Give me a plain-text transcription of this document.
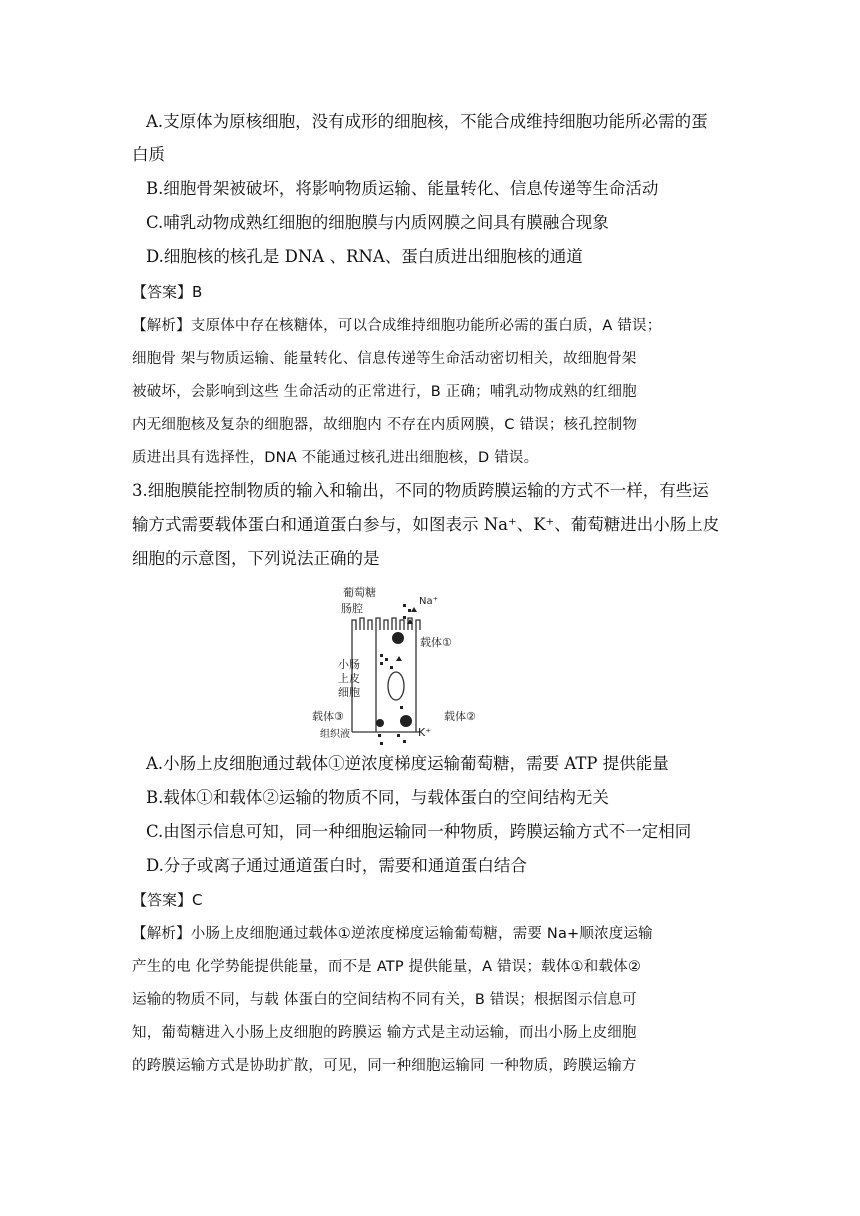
A.支原体为原核细胞，没有成形的细胞核，不能合成维持细胞功能所必需的蛋
白质
B.细胞骨架被破坏，将影响物质运输、能量转化、信息传递等生命活动
C.哺乳动物成熟红细胞的细胞膜与内质网膜之间具有膜融合现象
D.细胞核的核孔是 DNA 、RNA、蛋白质进出细胞核的通道
【答案】B
【解析】支原体中存在核糖体，可以合成维持细胞功能所必需的蛋白质，A 错误；
细胞骨 架与物质运输、能量转化、信息传递等生命活动密切相关，故细胞骨架
被破坏，会影响到这些 生命活动的正常进行，B 正确；哺乳动物成熟的红细胞
内无细胞核及复杂的细胞器，故细胞内 不存在内质网膜，C 错误；核孔控制物
质进出具有选择性，DNA 不能通过核孔进出细胞核，D 错误。
3.细胞膜能控制物质的输入和输出，不同的物质跨膜运输的方式不一样，有些运
输方式需要载体蛋白和通道蛋白参与，如图表示 Na⁺、K⁺、葡萄糖进出小肠上皮
细胞的示意图，下列说法正确的是
葡萄糖
肠腔
Na⁺
载体①
小肠
上皮
细胞
载体③	载体②
组织液	K⁺
A.小肠上皮细胞通过载体①逆浓度梯度运输葡萄糖，需要 ATP 提供能量
B.载体①和载体②运输的物质不同，与载体蛋白的空间结构无关
C.由图示信息可知，同一种细胞运输同一种物质，跨膜运输方式不一定相同
D.分子或离子通过通道蛋白时，需要和通道蛋白结合
【答案】C
【解析】小肠上皮细胞通过载体①逆浓度梯度运输葡萄糖，需要 Na+顺浓度运输
产生的电 化学势能提供能量，而不是 ATP 提供能量，A 错误；载体①和载体②
运输的物质不同，与载 体蛋白的空间结构不同有关，B 错误；根据图示信息可
知，葡萄糖进入小肠上皮细胞的跨膜运 输方式是主动运输，而出小肠上皮细胞
的跨膜运输方式是协助扩散，可见，同一种细胞运输同 一种物质，跨膜运输方
